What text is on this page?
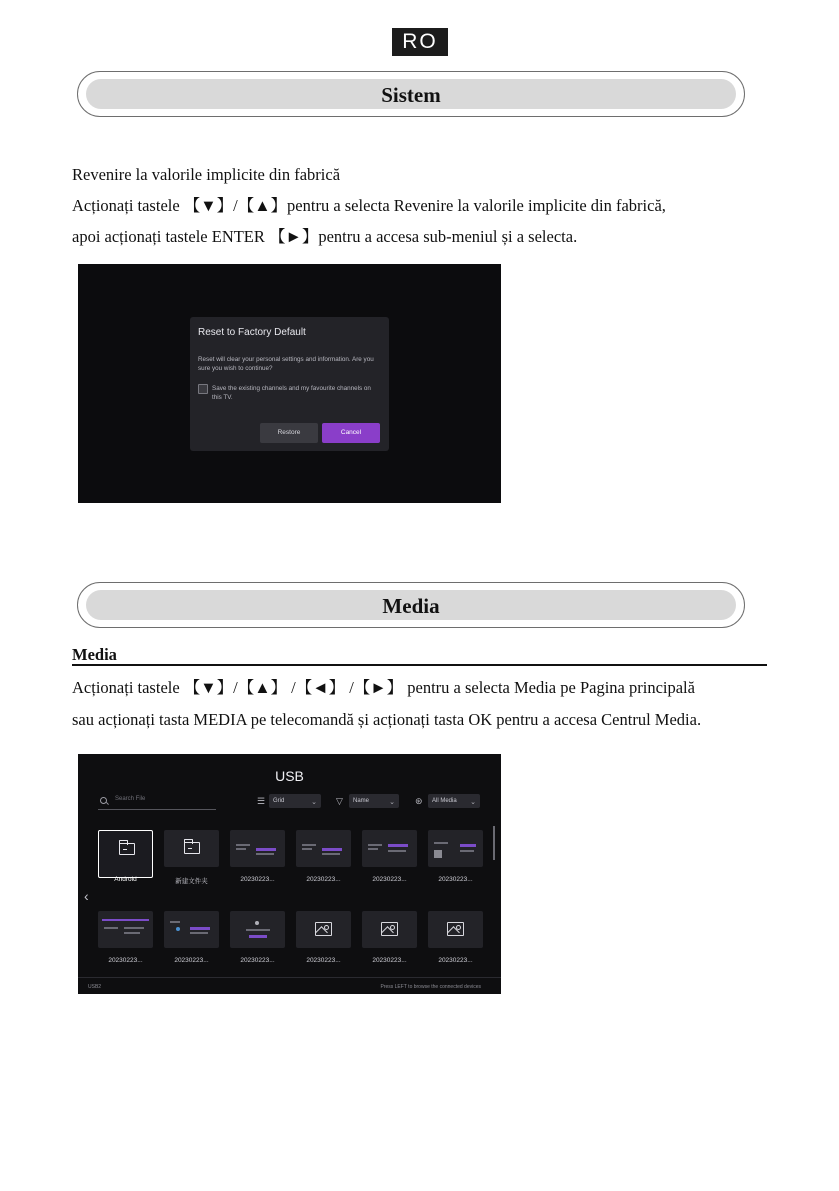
RO
Sistem
Revenire la valorile implicite din fabrică
Acționați tastele 【▼】/【▲】pentru a selecta Revenire la valorile implicite din fabrică,
apoi acționați tastele ENTER 【►】pentru a accesa sub-meniul și a selecta.
Reset to Factory Default
Reset will clear your personal settings and information. Are you sure you wish to continue?
Save the existing channels and my favourite channels on this TV.
Restore	Cancel
Media
Media
Acționați tastele 【▼】/【▲】 /【◄】 /【►】 pentru a selecta Media pe Pagina principală
sau acționați tasta MEDIA pe telecomandă și acționați tasta OK pentru a accesa Centrul Media.
USB
Search File	☰	Grid	⌄ ▽	Name	⌄ ⊛	All Media ⌄
‹
Android	新建文件夹	20230223...	20230223...	20230223...	20230223...
20230223...	20230223...	20230223...	20230223...	20230223...	20230223...
USB2	Press LEFT to browse the connected devices
